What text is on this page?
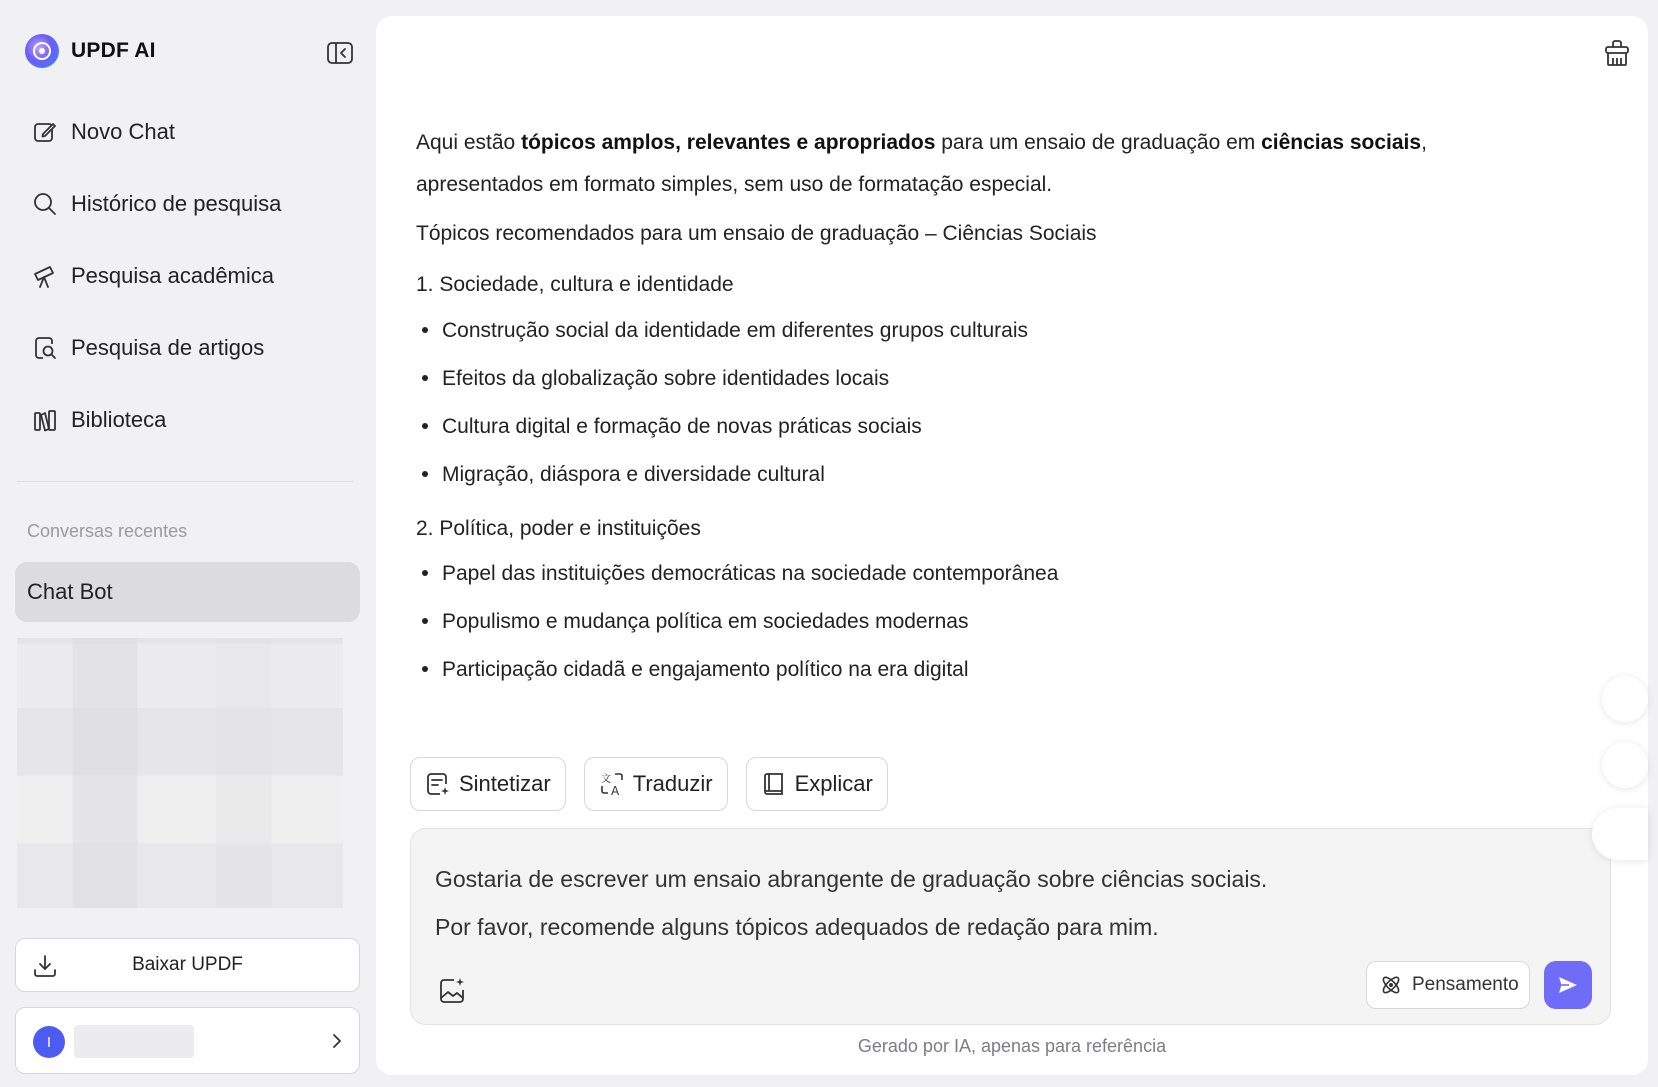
UPDF AI
Novo Chat
Histórico de pesquisa
Pesquisa acadêmica
Pesquisa de artigos
Biblioteca
Conversas recentes
Chat Bot
Baixar UPDF
I

Aqui estão tópicos amplos, relevantes e apropriados para um ensaio de graduação em ciências sociais,
apresentados em formato simples, sem uso de formatação especial.

Tópicos recomendados para um ensaio de graduação – Ciências Sociais

1. Sociedade, cultura e identidade

Construção social da identidade em diferentes grupos culturais
Efeitos da globalização sobre identidades locais
Cultura digital e formação de novas práticas sociais
Migração, diáspora e diversidade cultural

2. Política, poder e instituições

Papel das instituições democráticas na sociedade contemporânea
Populismo e mudança política em sociedades modernas
Participação cidadã e engajamento político na era digital
Sintetizar	文
A Traduzir	Explicar
Gostaria de escrever um ensaio abrangente de graduação sobre ciências sociais.
Por favor, recomende alguns tópicos adequados de redação para mim.
Pensamento
Gerado por IA, apenas para referência
